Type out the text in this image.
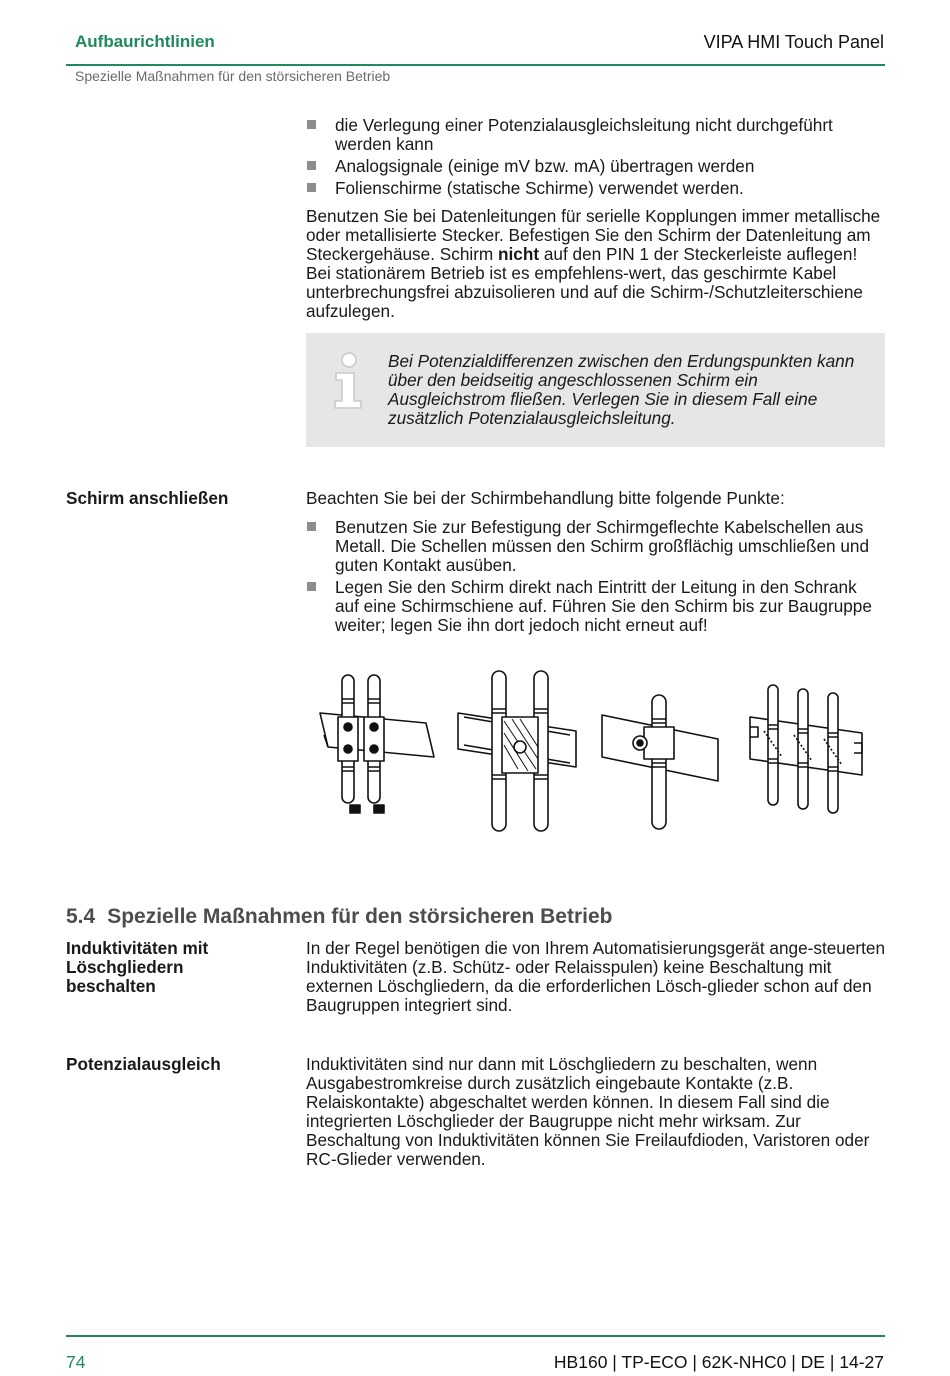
Aufbaurichtlinien	VIPA HMI Touch Panel
Spezielle Maßnahmen für den störsicheren Betrieb
die Verlegung einer Potenzialausgleichsleitung nicht durchgeführt werden kann
Analogsignale (einige mV bzw. mA) übertragen werden
Folienschirme (statische Schirme) verwendet werden.
Benutzen Sie bei Datenleitungen für serielle Kopplungen immer metallische oder metallisierte Stecker. Befestigen Sie den Schirm der Datenleitung am Steckergehäuse. Schirm nicht auf den PIN 1 der Steckerleiste auflegen! Bei stationärem Betrieb ist es empfehlens-wert, das geschirmte Kabel unterbrechungsfrei abzuisolieren und auf die Schirm-/Schutzleiterschiene aufzulegen.
Bei Potenzialdifferenzen zwischen den Erdungspunkten kann über den beidseitig angeschlossenen Schirm ein Ausgleichstrom fließen. Verlegen Sie in diesem Fall eine zusätzlich Potenzialausgleichsleitung.
Schirm anschließen	Beachten Sie bei der Schirmbehandlung bitte folgende Punkte:
Benutzen Sie zur Befestigung der Schirmgeflechte Kabelschellen aus Metall. Die Schellen müssen den Schirm großflächig umschließen und guten Kontakt ausüben.
Legen Sie den Schirm direkt nach Eintritt der Leitung in den Schrank auf eine Schirmschiene auf. Führen Sie den Schirm bis zur Baugruppe weiter; legen Sie ihn dort jedoch nicht erneut auf!
5.4 Spezielle Maßnahmen für den störsicheren Betrieb
Induktivitäten mit
Löschgliedern
beschalten
In der Regel benötigen die von Ihrem Automatisierungsgerät ange-steuerten Induktivitäten (z.B. Schütz- oder Relaisspulen) keine Beschaltung mit externen Löschgliedern, da die erforderlichen Lösch-glieder schon auf den Baugruppen integriert sind.
Potenzialausgleich	Induktivitäten sind nur dann mit Löschgliedern zu beschalten, wenn Ausgabestromkreise durch zusätzlich eingebaute Kontakte (z.B. Relaiskontakte) abgeschaltet werden können. In diesem Fall sind die integrierten Löschglieder der Baugruppe nicht mehr wirksam. Zur Beschaltung von Induktivitäten können Sie Freilaufdioden, Varistoren oder RC-Glieder verwenden.
74	HB160 | TP-ECO | 62K-NHC0 | DE | 14-27
